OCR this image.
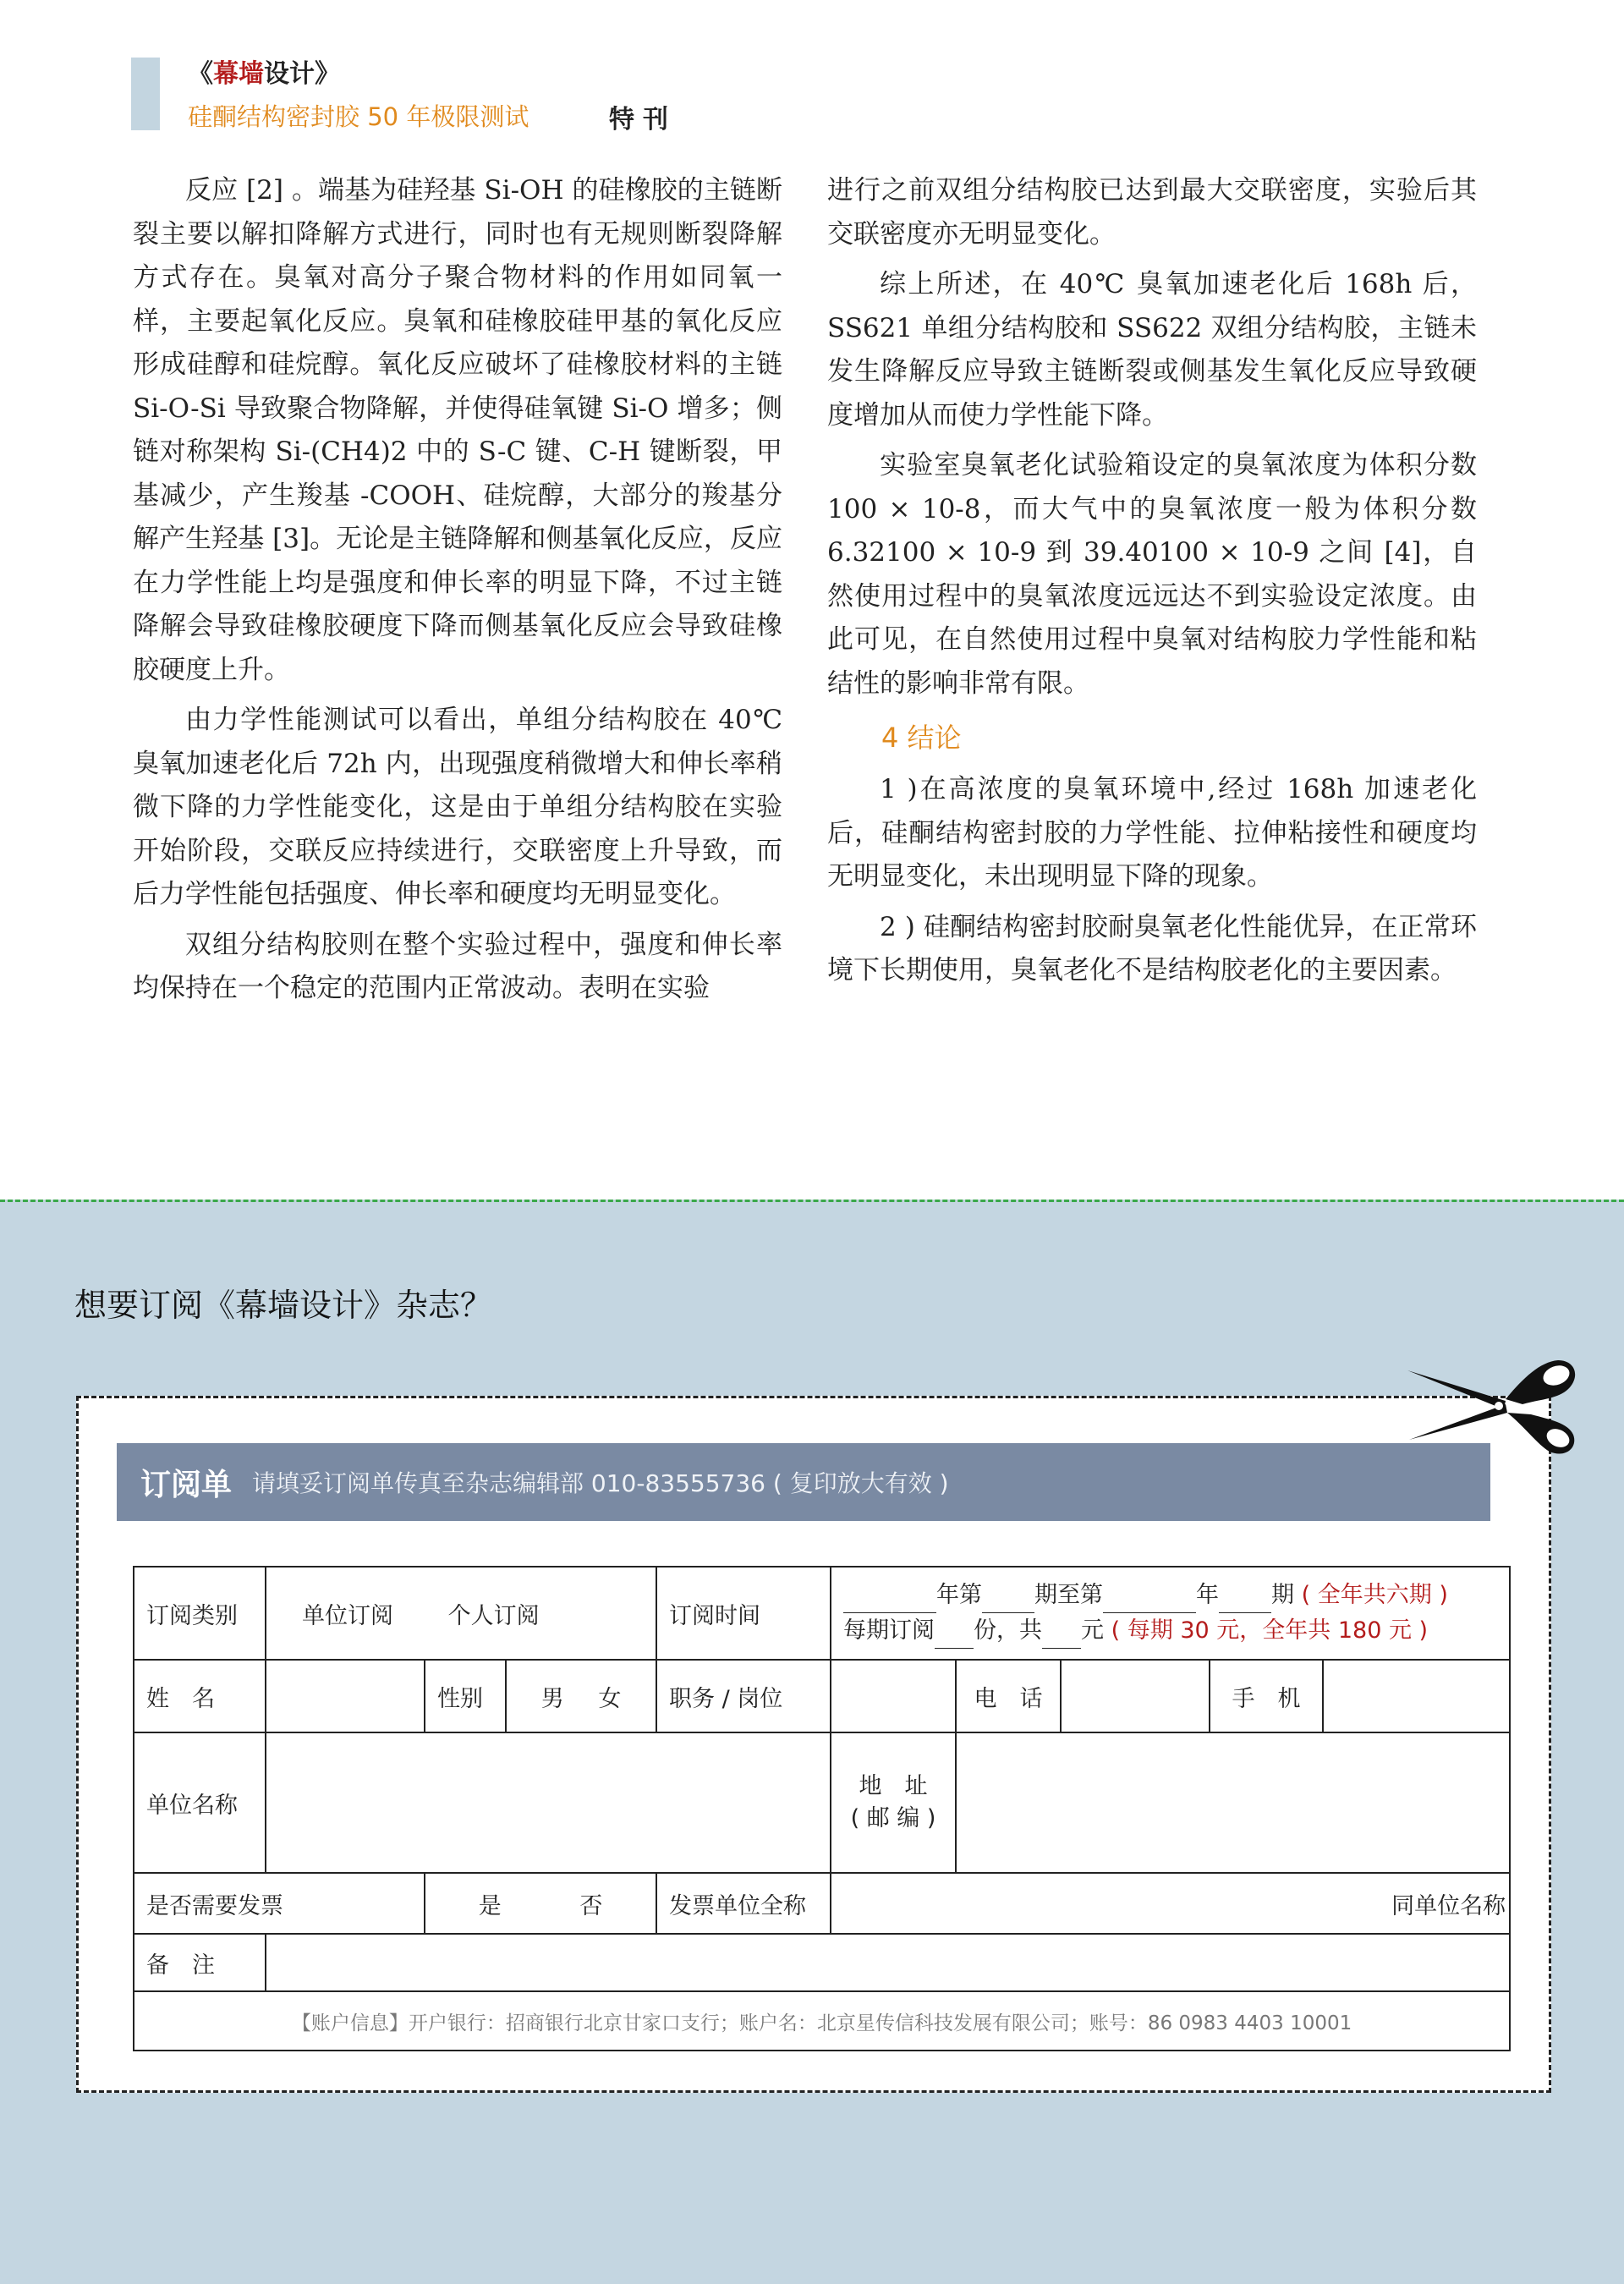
《幕墙设计》
硅酮结构密封胶 50 年极限测试	特刊

反应 [2] 。端基为硅羟基 Si-OH 的硅橡胶的主链断裂主要以解扣降解方式进行，同时也有无规则断裂降解方式存在。臭氧对高分子聚合物材料的作用如同氧一样，主要起氧化反应。臭氧和硅橡胶硅甲基的氧化反应形成硅醇和硅烷醇。氧化反应破坏了硅橡胶材料的主链 Si-O-Si 导致聚合物降解，并使得硅氧键 Si-O 增多；侧链对称架构 Si-(CH4)2 中的 S-C 键、C-H 键断裂，甲基减少，产生羧基 -COOH、硅烷醇，大部分的羧基分解产生羟基 [3]。无论是主链降解和侧基氧化反应，反应在力学性能上均是强度和伸长率的明显下降，不过主链降解会导致硅橡胶硬度下降而侧基氧化反应会导致硅橡胶硬度上升。

由力学性能测试可以看出，单组分结构胶在 40℃ 臭氧加速老化后 72h 内，出现强度稍微增大和伸长率稍微下降的力学性能变化，这是由于单组分结构胶在实验开始阶段，交联反应持续进行，交联密度上升导致，而后力学性能包括强度、伸长率和硬度均无明显变化。

双组分结构胶则在整个实验过程中，强度和伸长率均保持在一个稳定的范围内正常波动。表明在实验

进行之前双组分结构胶已达到最大交联密度，实验后其交联密度亦无明显变化。

综上所述，在 40℃ 臭氧加速老化后 168h 后，SS621 单组分结构胶和 SS622 双组分结构胶，主链未发生降解反应导致主链断裂或侧基发生氧化反应导致硬度增加从而使力学性能下降。

实验室臭氧老化试验箱设定的臭氧浓度为体积分数 100 × 10-8，而大气中的臭氧浓度一般为体积分数 6.32100 × 10-9 到 39.40100 × 10-9 之间 [4]，自然使用过程中的臭氧浓度远远达不到实验设定浓度。由此可见，在自然使用过程中臭氧对结构胶力学性能和粘结性的影响非常有限。

4 结论

1 )在高浓度的臭氧环境中,经过 168h 加速老化后，硅酮结构密封胶的力学性能、拉伸粘接性和硬度均无明显变化，未出现明显下降的现象。

2 ) 硅酮结构密封胶耐臭氧老化性能优异，在正常环境下长期使用，臭氧老化不是结构胶老化的主要因素。

想要订阅《幕墙设计》杂志？
订阅单 请填妥订阅单传真至杂志编辑部 010-83555736 ( 复印放大有效 )
订阅类别	单位订阅 个人订阅			订阅时间	年第 期至第 年 期 ( 全年共六期 )
每期订阅 份，共 元 ( 每期 30 元，全年共 180 元 )				

姓　名		性别	男 女	职务 / 岗位		电　话		手　机	
单位名称					地　址
( 邮 编 )				

是否需要发票		是 否		发票单位全称	同单位名称				
备　注									
【账户信息】开户银行：招商银行北京甘家口支行；账户名：北京星传信科技发展有限公司；账号：86 0983 4403 10001									
